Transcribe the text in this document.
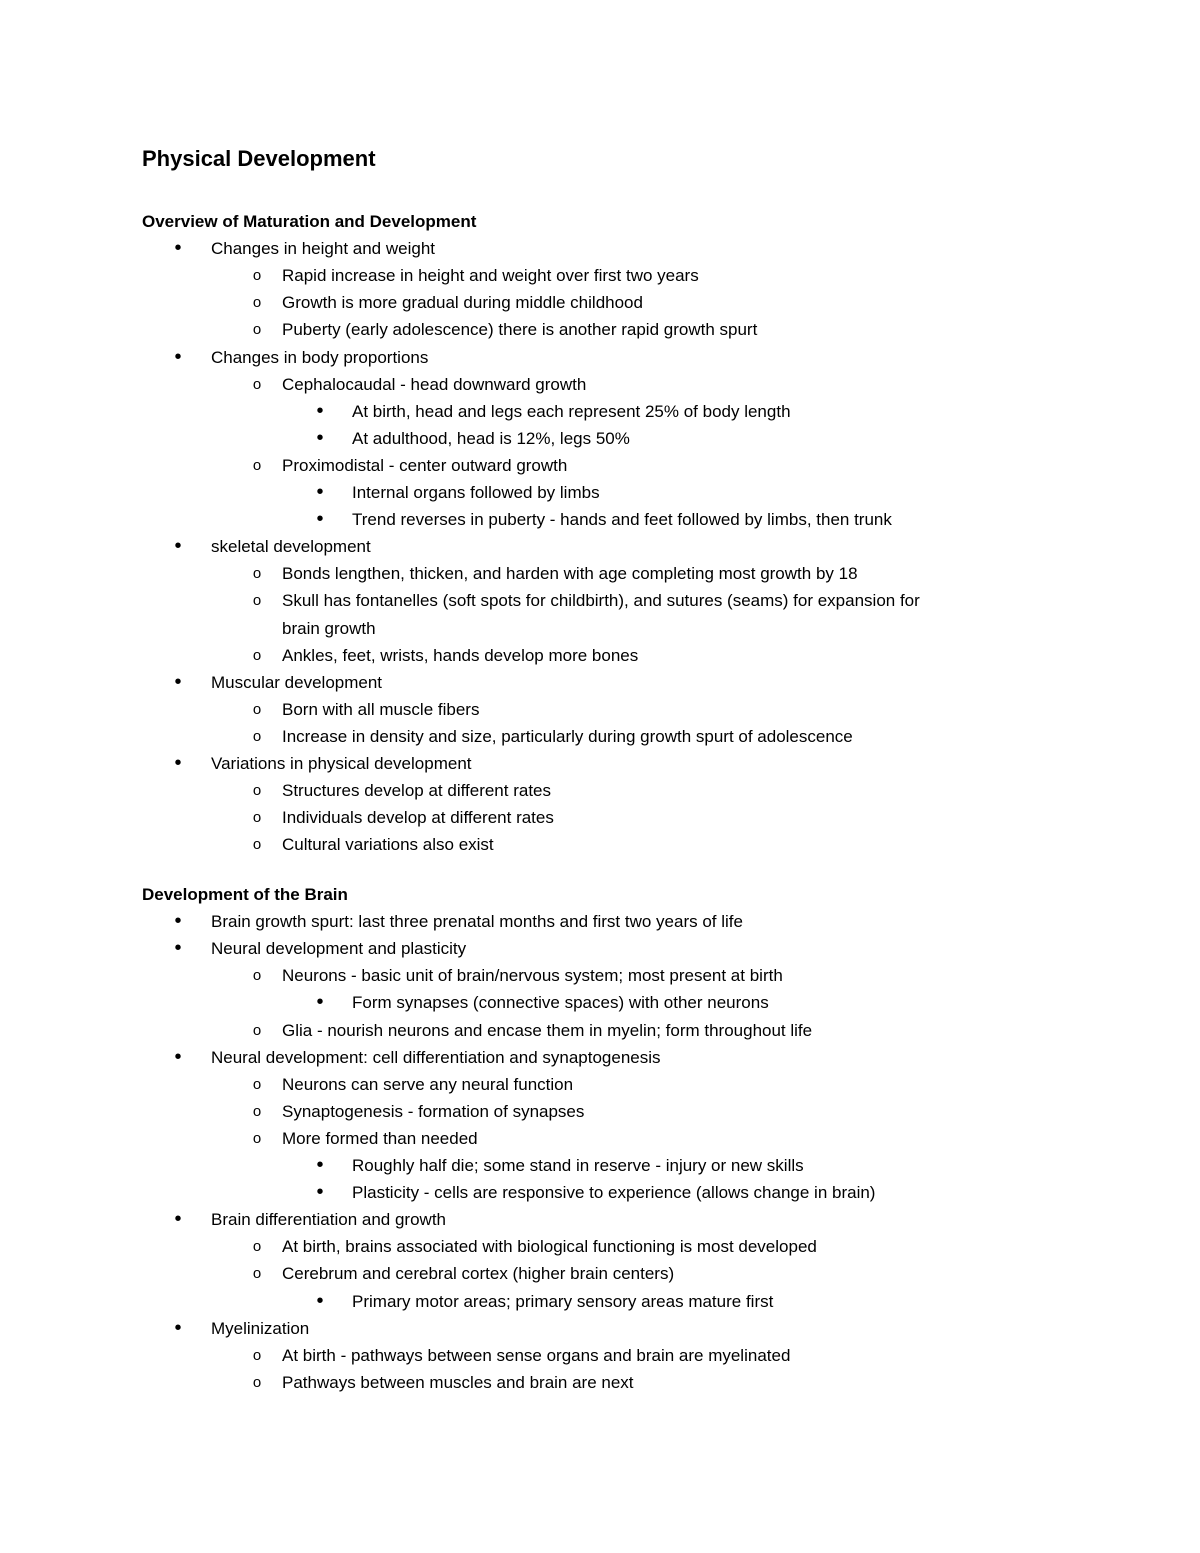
Physical Development
Overview of Maturation and Development
•	Changes in height and weight
o	Rapid increase in height and weight over first two years
o	Growth is more gradual during middle childhood
o	Puberty (early adolescence) there is another rapid growth spurt
•	Changes in body proportions
o	Cephalocaudal - head downward growth
•	At birth, head and legs each represent 25% of body length
•	At adulthood, head is 12%, legs 50%
o	Proximodistal - center outward growth
•	Internal organs followed by limbs
•	Trend reverses in puberty - hands and feet followed by limbs, then trunk
•	skeletal development
o	Bonds lengthen, thicken, and harden with age completing most growth by 18
o	Skull has fontanelles (soft spots for childbirth), and sutures (seams) for expansion for
brain growth
o	Ankles, feet, wrists, hands develop more bones
•	Muscular development
o	Born with all muscle fibers
o	Increase in density and size, particularly during growth spurt of adolescence
•	Variations in physical development
o	Structures develop at different rates
o	Individuals develop at different rates
o	Cultural variations also exist
Development of the Brain
•	Brain growth spurt: last three prenatal months and first two years of life
•	Neural development and plasticity
o	Neurons - basic unit of brain/nervous system; most present at birth
•	Form synapses (connective spaces) with other neurons
o	Glia - nourish neurons and encase them in myelin; form throughout life
•	Neural development: cell differentiation and synaptogenesis
o	Neurons can serve any neural function
o	Synaptogenesis - formation of synapses
o	More formed than needed
•	Roughly half die; some stand in reserve - injury or new skills
•	Plasticity - cells are responsive to experience (allows change in brain)
•	Brain differentiation and growth
o	At birth, brains associated with biological functioning is most developed
o	Cerebrum and cerebral cortex (higher brain centers)
•	Primary motor areas; primary sensory areas mature first
•	Myelinization
o	At birth - pathways between sense organs and brain are myelinated
o	Pathways between muscles and brain are next
